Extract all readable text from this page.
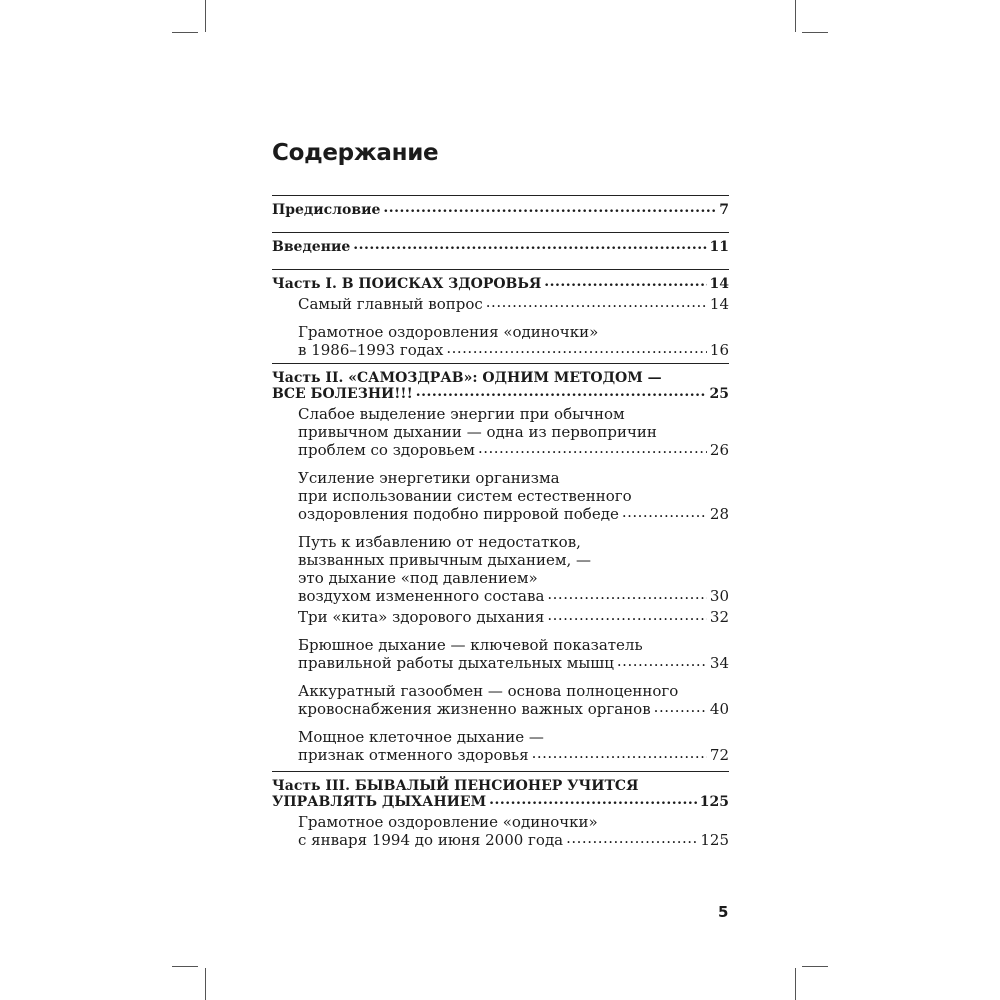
Содержание
Предисловие .....	7
Введение .....	11
Часть I. В ПОИСКАХ ЗДОРОВЬЯ .....	14
Самый главный вопрос .....	14
Грамотное оздоровления «одиночки»
в 1986–1993 годах .....	16
Часть II. «САМОЗДРАВ»: ОДНИМ МЕТОДОМ —
ВСЕ БОЛЕЗНИ!!! .....	25
Слабое выделение энергии при обычном
привычном дыхании — одна из первопричин
проблем со здоровьем .....	26
Усиление энергетики организма
при использовании систем естественного
оздоровления подобно пирровой победе .....	28
Путь к избавлению от недостатков,
вызванных привычным дыханием, —
это дыхание «под давлением»
воздухом измененного состава .....	30
Три «кита» здорового дыхания .....	32
Брюшное дыхание — ключевой показатель
правильной работы дыхательных мышц .....	34
Аккуратный газообмен — основа полноценного
кровоснабжения жизненно важных органов .....	40
Мощное клеточное дыхание —
признак отменного здоровья .....	72
Часть III. БЫВАЛЫЙ ПЕНСИОНЕР УЧИТСЯ
УПРАВЛЯТЬ ДЫХАНИЕМ .....	125
Грамотное оздоровление «одиночки»
с января 1994 до июня 2000 года .....	125
5
